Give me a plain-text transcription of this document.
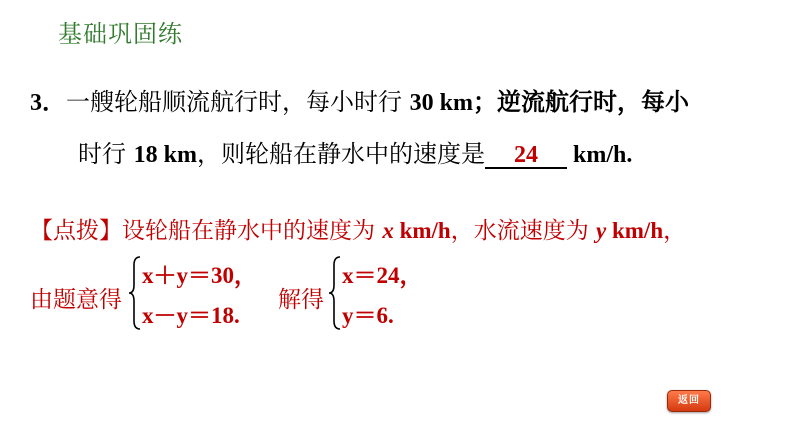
基础巩固练
3．一艘轮船顺流航行时，每小时行 30 km；逆流航行时，每小
时行 18 km，则轮船在静水中的速度是 24 km/h.
【点拨】设轮船在静水中的速度为 x km/h，水流速度为 y km/h，
由题意得
x＋y＝30，
x－y＝18.
解得
x＝24，
y＝6.
返回
